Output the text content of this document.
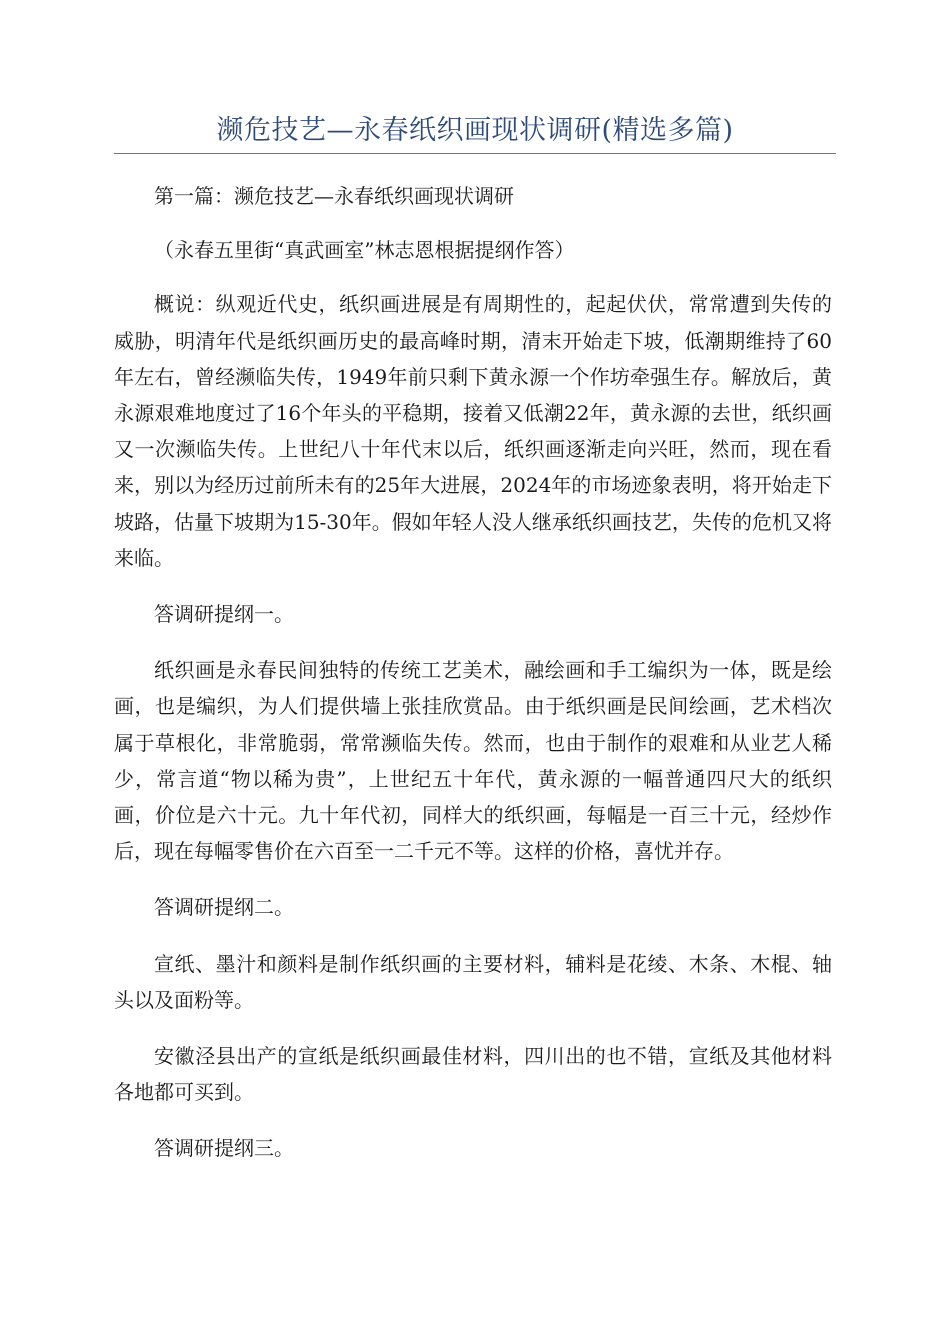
濒危技艺—永春纸织画现状调研(精选多篇)

第一篇：濒危技艺—永春纸织画现状调研

（永春五里街“真武画室”林志恩根据提纲作答）

概说：纵观近代史，纸织画进展是有周期性的，起起伏伏，常常遭到失传的威胁，明清年代是纸织画历史的最高峰时期，清末开始走下坡，低潮期维持了60年左右，曾经濒临失传，1949年前只剩下黄永源一个作坊牵强生存。解放后，黄永源艰难地度过了16个年头的平稳期，接着又低潮22年，黄永源的去世，纸织画又一次濒临失传。上世纪八十年代末以后，纸织画逐渐走向兴旺，然而，现在看来，别以为经历过前所未有的25年大进展，2024年的市场迹象表明，将开始走下坡路，估量下坡期为15-30年。假如年轻人没人继承纸织画技艺，失传的危机又将来临。

答调研提纲一。

纸织画是永春民间独特的传统工艺美术，融绘画和手工编织为一体，既是绘画，也是编织，为人们提供墙上张挂欣赏品。由于纸织画是民间绘画，艺术档次属于草根化，非常脆弱，常常濒临失传。然而，也由于制作的艰难和从业艺人稀少，常言道“物以稀为贵”，上世纪五十年代，黄永源的一幅普通四尺大的纸织画，价位是六十元。九十年代初，同样大的纸织画，每幅是一百三十元，经炒作后，现在每幅零售价在六百至一二千元不等。这样的价格，喜忧并存。

答调研提纲二。

宣纸、墨汁和颜料是制作纸织画的主要材料，辅料是花绫、木条、木棍、轴头以及面粉等。

安徽泾县出产的宣纸是纸织画最佳材料，四川出的也不错，宣纸及其他材料各地都可买到。

答调研提纲三。
